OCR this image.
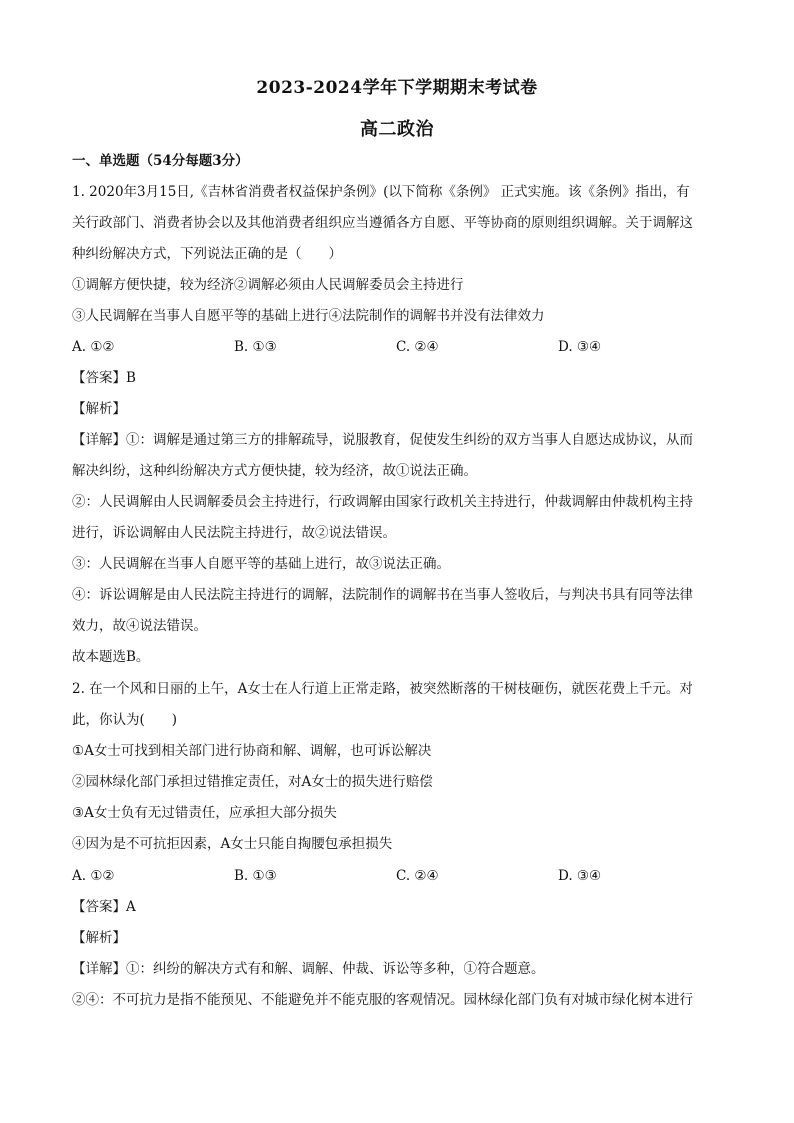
2023-2024学年下学期期末考试卷
高二政治
一、单选题（54分每题3分）
1. 2020年3月15日,《吉林省消费者权益保护条例》(以下简称《条例》 正式实施。该《条例》指出，有
关行政部门、消费者协会以及其他消费者组织应当遵循各方自愿、平等协商的原则组织调解。关于调解这
种纠纷解决方式，下列说法正确的是（　　）
①调解方便快捷，较为经济②调解必须由人民调解委员会主持进行
③人民调解在当事人自愿平等的基础上进行④法院制作的调解书并没有法律效力
A. ①②	B. ①③	C. ②④	D. ③④
【答案】B
【解析】
【详解】①：调解是通过第三方的排解疏导，说服教育，促使发生纠纷的双方当事人自愿达成协议，从而
解决纠纷，这种纠纷解决方式方便快捷，较为经济，故①说法正确。
②：人民调解由人民调解委员会主持进行，行政调解由国家行政机关主持进行，仲裁调解由仲裁机构主持
进行，诉讼调解由人民法院主持进行，故②说法错误。
③：人民调解在当事人自愿平等的基础上进行，故③说法正确。
④：诉讼调解是由人民法院主持进行的调解，法院制作的调解书在当事人签收后，与判决书具有同等法律
效力，故④说法错误。
故本题选B。
2. 在一个风和日丽的上午，A女士在人行道上正常走路，被突然断落的干树枝砸伤，就医花费上千元。对
此，你认为(　　)
①A女士可找到相关部门进行协商和解、调解，也可诉讼解决
②园林绿化部门承担过错推定责任，对A女士的损失进行赔偿
③A女士负有无过错责任，应承担大部分损失
④因为是不可抗拒因素，A女士只能自掏腰包承担损失
A. ①②	B. ①③	C. ②④	D. ③④
【答案】A
【解析】
【详解】①：纠纷的解决方式有和解、调解、仲裁、诉讼等多种，①符合题意。
②④：不可抗力是指不能预见、不能避免并不能克服的客观情况。园林绿化部门负有对城市绿化树本进行
